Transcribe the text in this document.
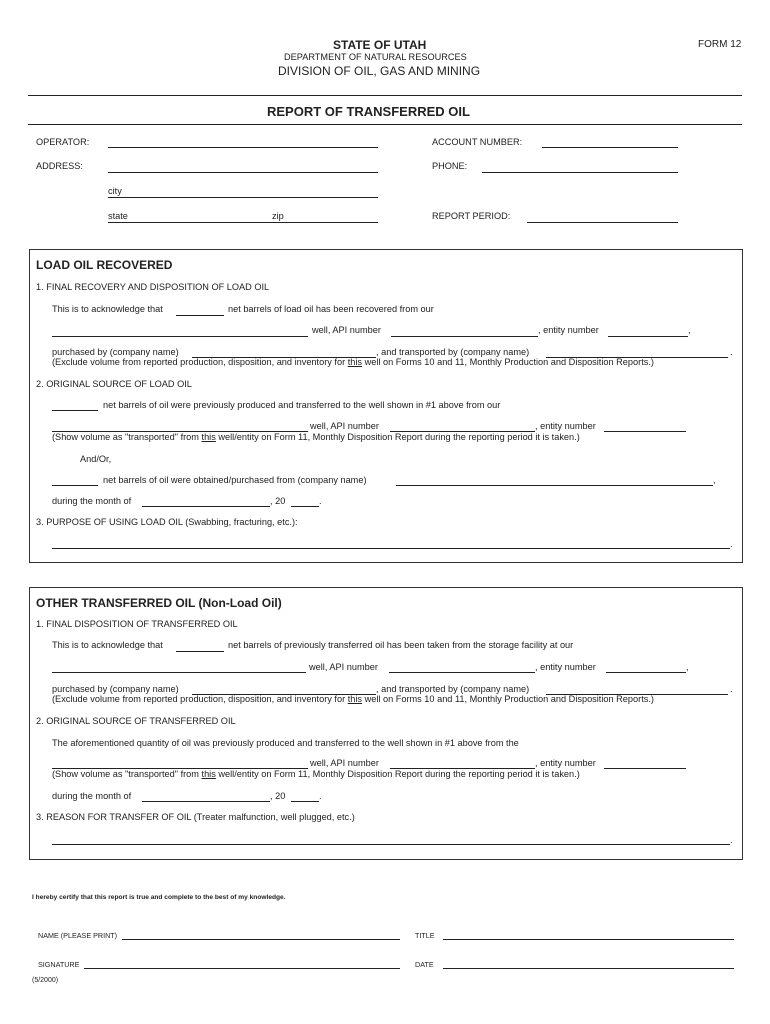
STATE OF UTAH	FORM 12
DEPARTMENT OF NATURAL RESOURCES
DIVISION OF OIL, GAS AND MINING
REPORT OF TRANSFERRED OIL
OPERATOR:	ACCOUNT NUMBER:
ADDRESS:	PHONE:
city
state	zip	REPORT PERIOD:
LOAD OIL RECOVERED
1. FINAL RECOVERY AND DISPOSITION OF LOAD OIL
This is to acknowledge that	net barrels of load oil has been recovered from our
well, API number	, entity number	,
purchased by (company name)	, and transported by (company name)	.
(Exclude volume from reported production, disposition, and inventory for this well on Forms 10 and 11, Monthly Production and Disposition Reports.)
2. ORIGINAL SOURCE OF LOAD OIL
net barrels of oil were previously produced and transferred to the well shown in #1 above from our
well, API number	, entity number
(Show volume as "transported" from this well/entity on Form 11, Monthly Disposition Report during the reporting period it is taken.)
And/Or,
net barrels of oil were obtained/purchased from (company name)	,
during the month of	, 20	.
3. PURPOSE OF USING LOAD OIL (Swabbing, fracturing, etc.):
.
OTHER TRANSFERRED OIL (Non-Load Oil)
1. FINAL DISPOSITION OF TRANSFERRED OIL
This is to acknowledge that	net barrels of previously transferred oil has been taken from the storage facility at our
well, API number	, entity number	,
purchased by (company name)	, and transported by (company name)	.
(Exclude volume from reported production, disposition, and inventory for this well on Forms 10 and 11, Monthly Production and Disposition Reports.)
2. ORIGINAL SOURCE OF TRANSFERRED OIL
The aforementioned quantity of oil was previously produced and transferred to the well shown in #1 above from the
well, API number	, entity number
(Show volume as "transported" from this well/entity on Form 11, Monthly Disposition Report during the reporting period it is taken.)
during the month of	, 20	.
3. REASON FOR TRANSFER OF OIL (Treater malfunction, well plugged, etc.)
.
I hereby certify that this report is true and complete to the best of my knowledge.
NAME (PLEASE PRINT)	TITLE
SIGNATURE	DATE
(5/2000)
